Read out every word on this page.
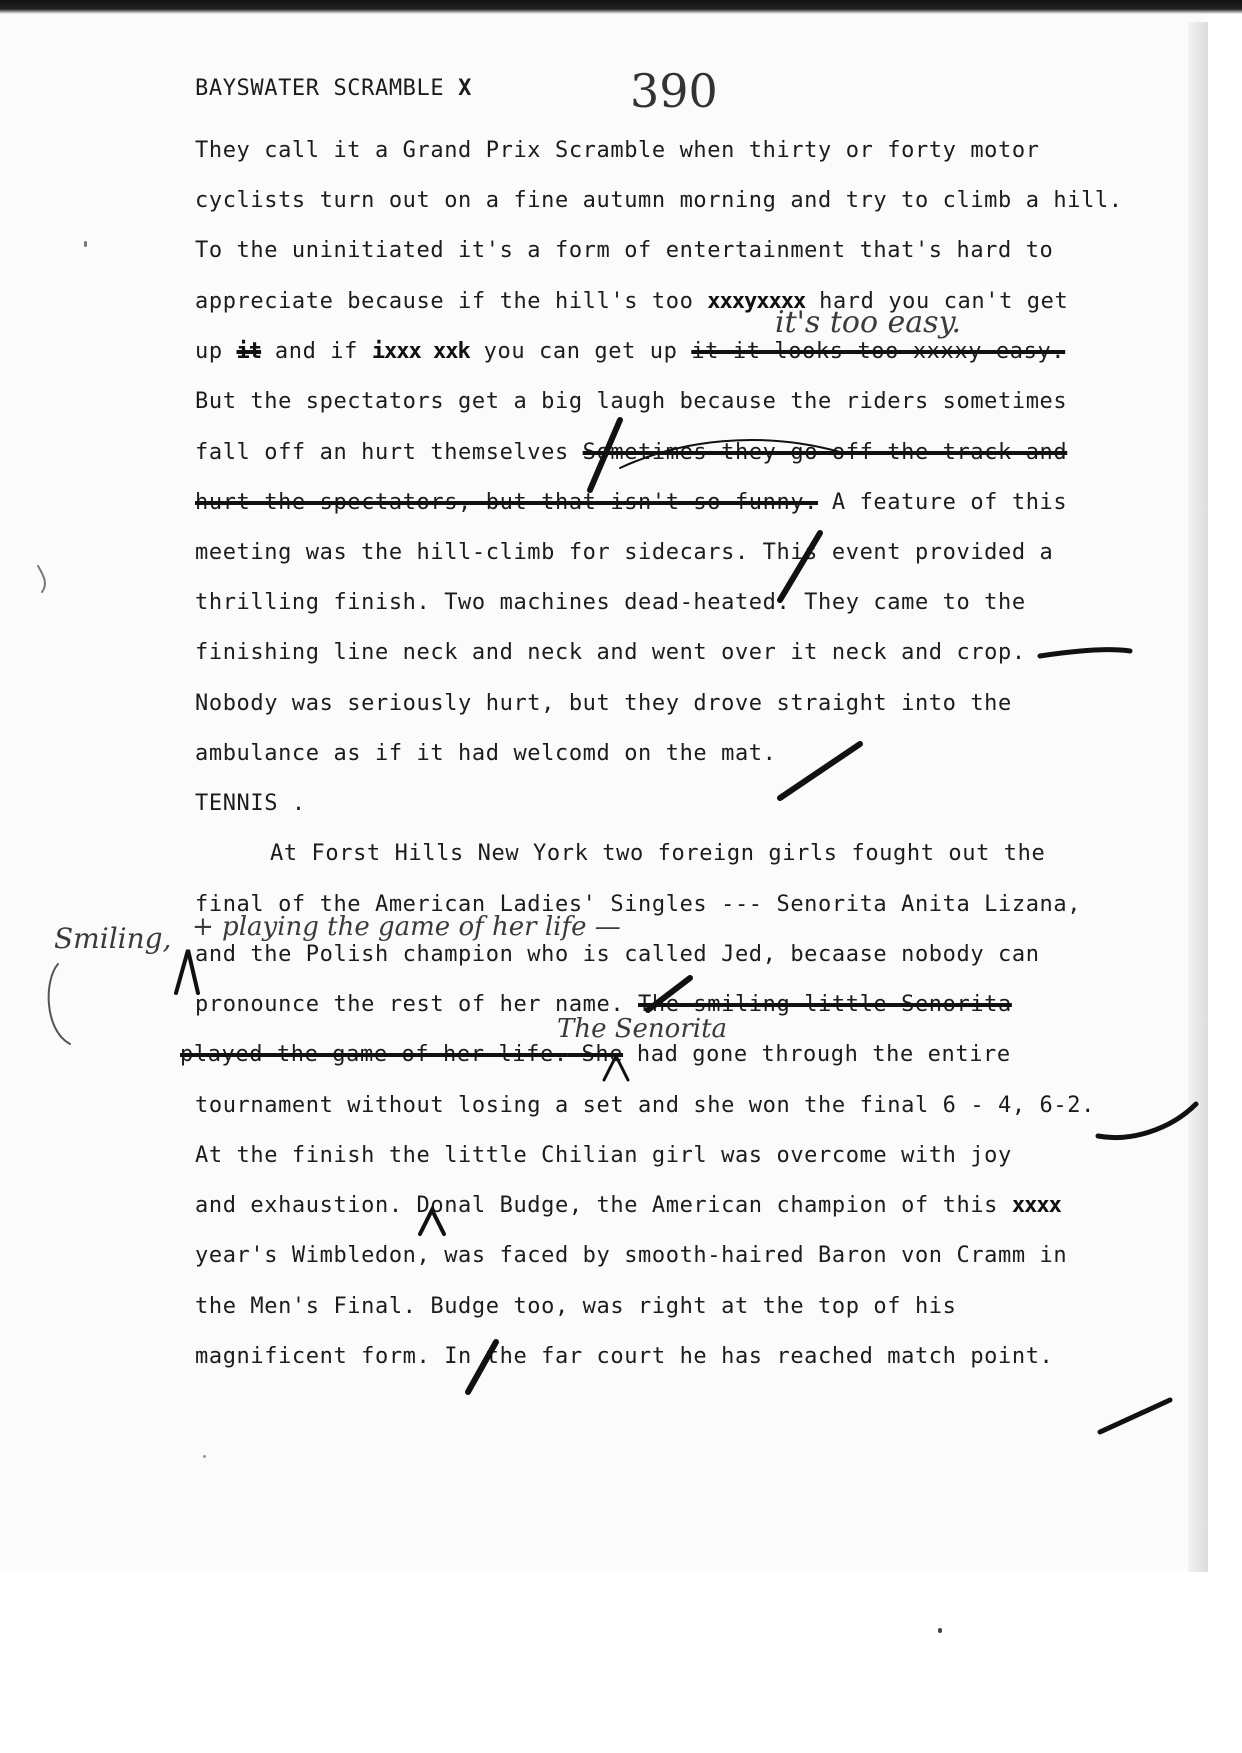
BAYSWATER SCRAMBLE X	390
They call it a Grand Prix Scramble when thirty or forty motor
cyclists turn out on a fine autumn morning and try to climb a hill.
To the uninitiated it's a form of entertainment that's hard to
appreciate because if the hill's too xxxyxxxx hard you can't get
it's too easy.
up it and if ixxx xxk you can get up it it looks too xxxxy easy.
But the spectators get a big laugh because the riders sometimes
fall off an hurt themselves Sometimes they go off the track and
hurt the spectators, but that isn't so funny. A feature of this
meeting was the hill-climb for sidecars. This event provided a
thrilling finish. Two machines dead-heated. They came to the
finishing line neck and neck and went over it neck and crop.
Nobody was seriously hurt, but they drove straight into the
ambulance as if it had welcomd on the mat.
TENNIS .
At Forst Hills New York two foreign girls fought out the
final of the American Ladies' Singles --- Senorita Anita Lizana,
+ playing the game of her life —
Smiling, and the Polish champion who is called Jed, becaase nobody can
pronounce the rest of her name. The smiling little Senorita
The Senorita
played the game of her life. She had gone through the entire
tournament without losing a set and she won the final 6 - 4, 6-2.
At the finish the little Chilian girl was overcome with joy
and exhaustion. Donal Budge, the American champion of this xxxx
year's Wimbledon, was faced by smooth-haired Baron von Cramm in
the Men's Final. Budge too, was right at the top of his
magnificent form. In the far court he has reached match point.
